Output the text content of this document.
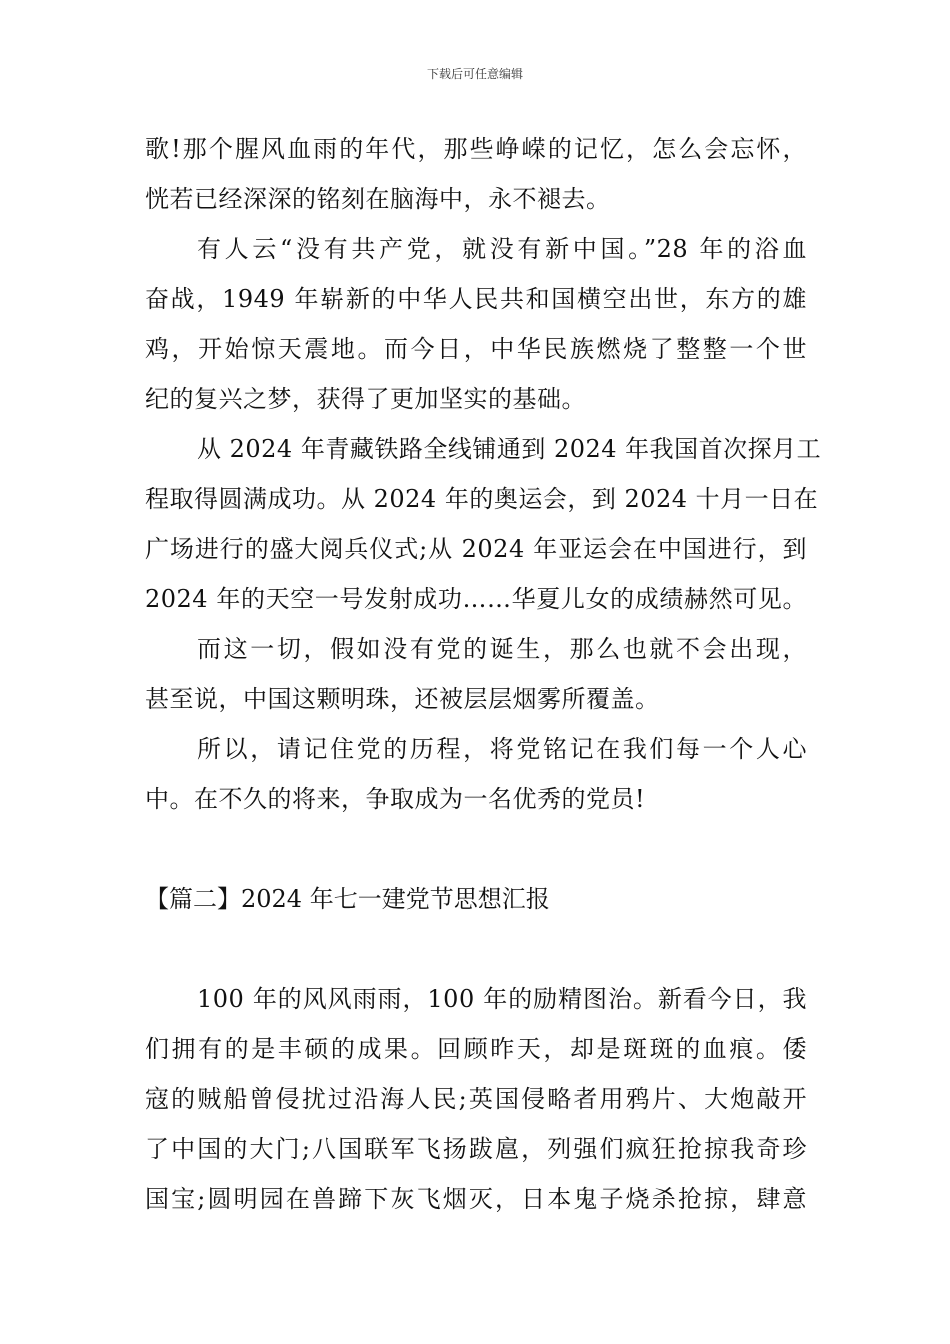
下载后可任意编辑
歌!那个腥风血雨的年代，那些峥嵘的记忆，怎么会忘怀，
恍若已经深深的铭刻在脑海中，永不褪去。
有人云“没有共产党，就没有新中国。”28 年的浴血
奋战，1949 年崭新的中华人民共和国横空出世，东方的雄
鸡，开始惊天震地。而今日，中华民族燃烧了整整一个世
纪的复兴之梦，获得了更加坚实的基础。
从 2024 年青藏铁路全线铺通到 2024 年我国首次探月工
程取得圆满成功。从 2024 年的奥运会，到 2024 十月一日在
广场进行的盛大阅兵仪式;从 2024 年亚运会在中国进行，到
2024 年的天空一号发射成功……华夏儿女的成绩赫然可见。
而这一切，假如没有党的诞生，那么也就不会出现，
甚至说，中国这颗明珠，还被层层烟雾所覆盖。
所以，请记住党的历程，将党铭记在我们每一个人心
中。在不久的将来，争取成为一名优秀的党员!
【篇二】2024 年七一建党节思想汇报
100 年的风风雨雨，100 年的励精图治。新看今日，我
们拥有的是丰硕的成果。回顾昨天，却是斑斑的血痕。倭
寇的贼船曾侵扰过沿海人民;英国侵略者用鸦片、大炮敲开
了中国的大门;八国联军飞扬跋扈，列强们疯狂抢掠我奇珍
国宝;圆明园在兽蹄下灰飞烟灭，日本鬼子烧杀抢掠，肆意
